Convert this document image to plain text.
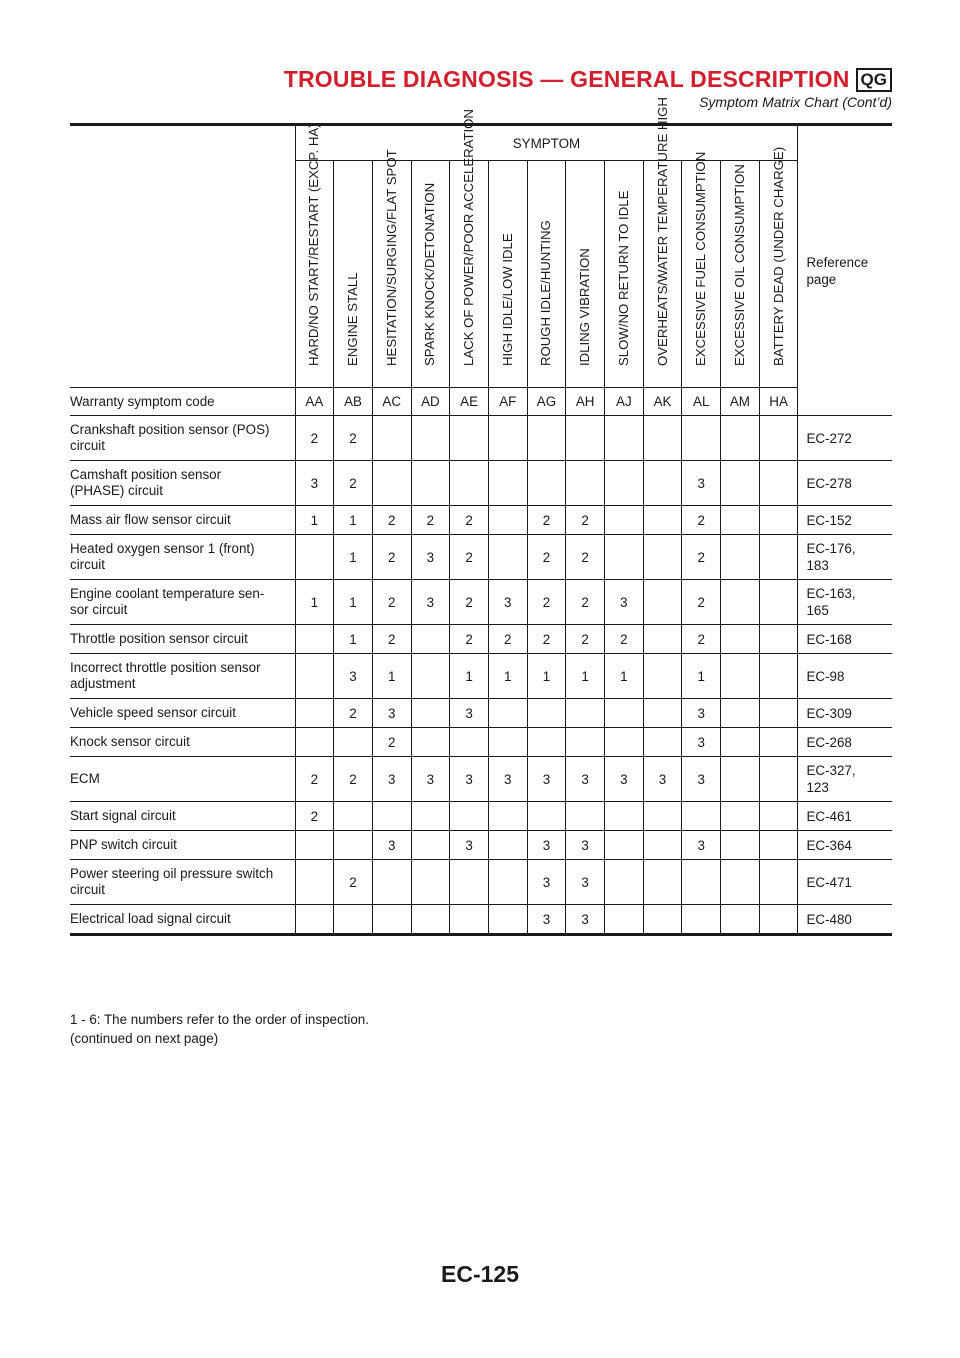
TROUBLE DIAGNOSIS — GENERAL DESCRIPTION QG
Symptom Matrix Chart (Cont’d)
	SYMPTOM													Reference page

	HARD/NO START/RESTART (EXCP. HA)	ENGINE STALL	HESITATION/SURGING/FLAT SPOT	SPARK KNOCK/DETONATION	LACK OF POWER/POOR ACCELERATION	HIGH IDLE/LOW IDLE	ROUGH IDLE/HUNTING	IDLING VIBRATION	SLOW/NO RETURN TO IDLE	OVERHEATS/WATER TEMPERATURE HIGH	EXCESSIVE FUEL CONSUMPTION	EXCESSIVE OIL CONSUMPTION	BATTERY DEAD (UNDER CHARGE)	

Warranty symptom code	AA	AB	AC	AD	AE	AF	AG	AH	AJ	AK	AL	AM	HA	
Crankshaft position sensor (POS)
circuit	2	2												EC-272
Camshaft position sensor
(PHASE) circuit	3	2									3			EC-278
Mass air flow sensor circuit	1	1	2	2	2		2	2			2			EC-152
Heated oxygen sensor 1 (front)
circuit		1	2	3	2		2	2			2			EC-176,
183
Engine coolant temperature sen-
sor circuit	1	1	2	3	2	3	2	2	3		2			EC-163,
165
Throttle position sensor circuit		1	2		2	2	2	2	2		2			EC-168
Incorrect throttle position sensor
adjustment		3	1		1	1	1	1	1		1			EC-98
Vehicle speed sensor circuit		2	3		3						3			EC-309
Knock sensor circuit			2								3			EC-268
ECM	2	2	3	3	3	3	3	3	3	3	3			EC-327,
123
Start signal circuit	2													EC-461
PNP switch circuit			3		3		3	3			3			EC-364
Power steering oil pressure switch
circuit		2					3	3						EC-471
Electrical load signal circuit							3	3						EC-480
1 - 6: The numbers refer to the order of inspection.
(continued on next page)
EC-125
